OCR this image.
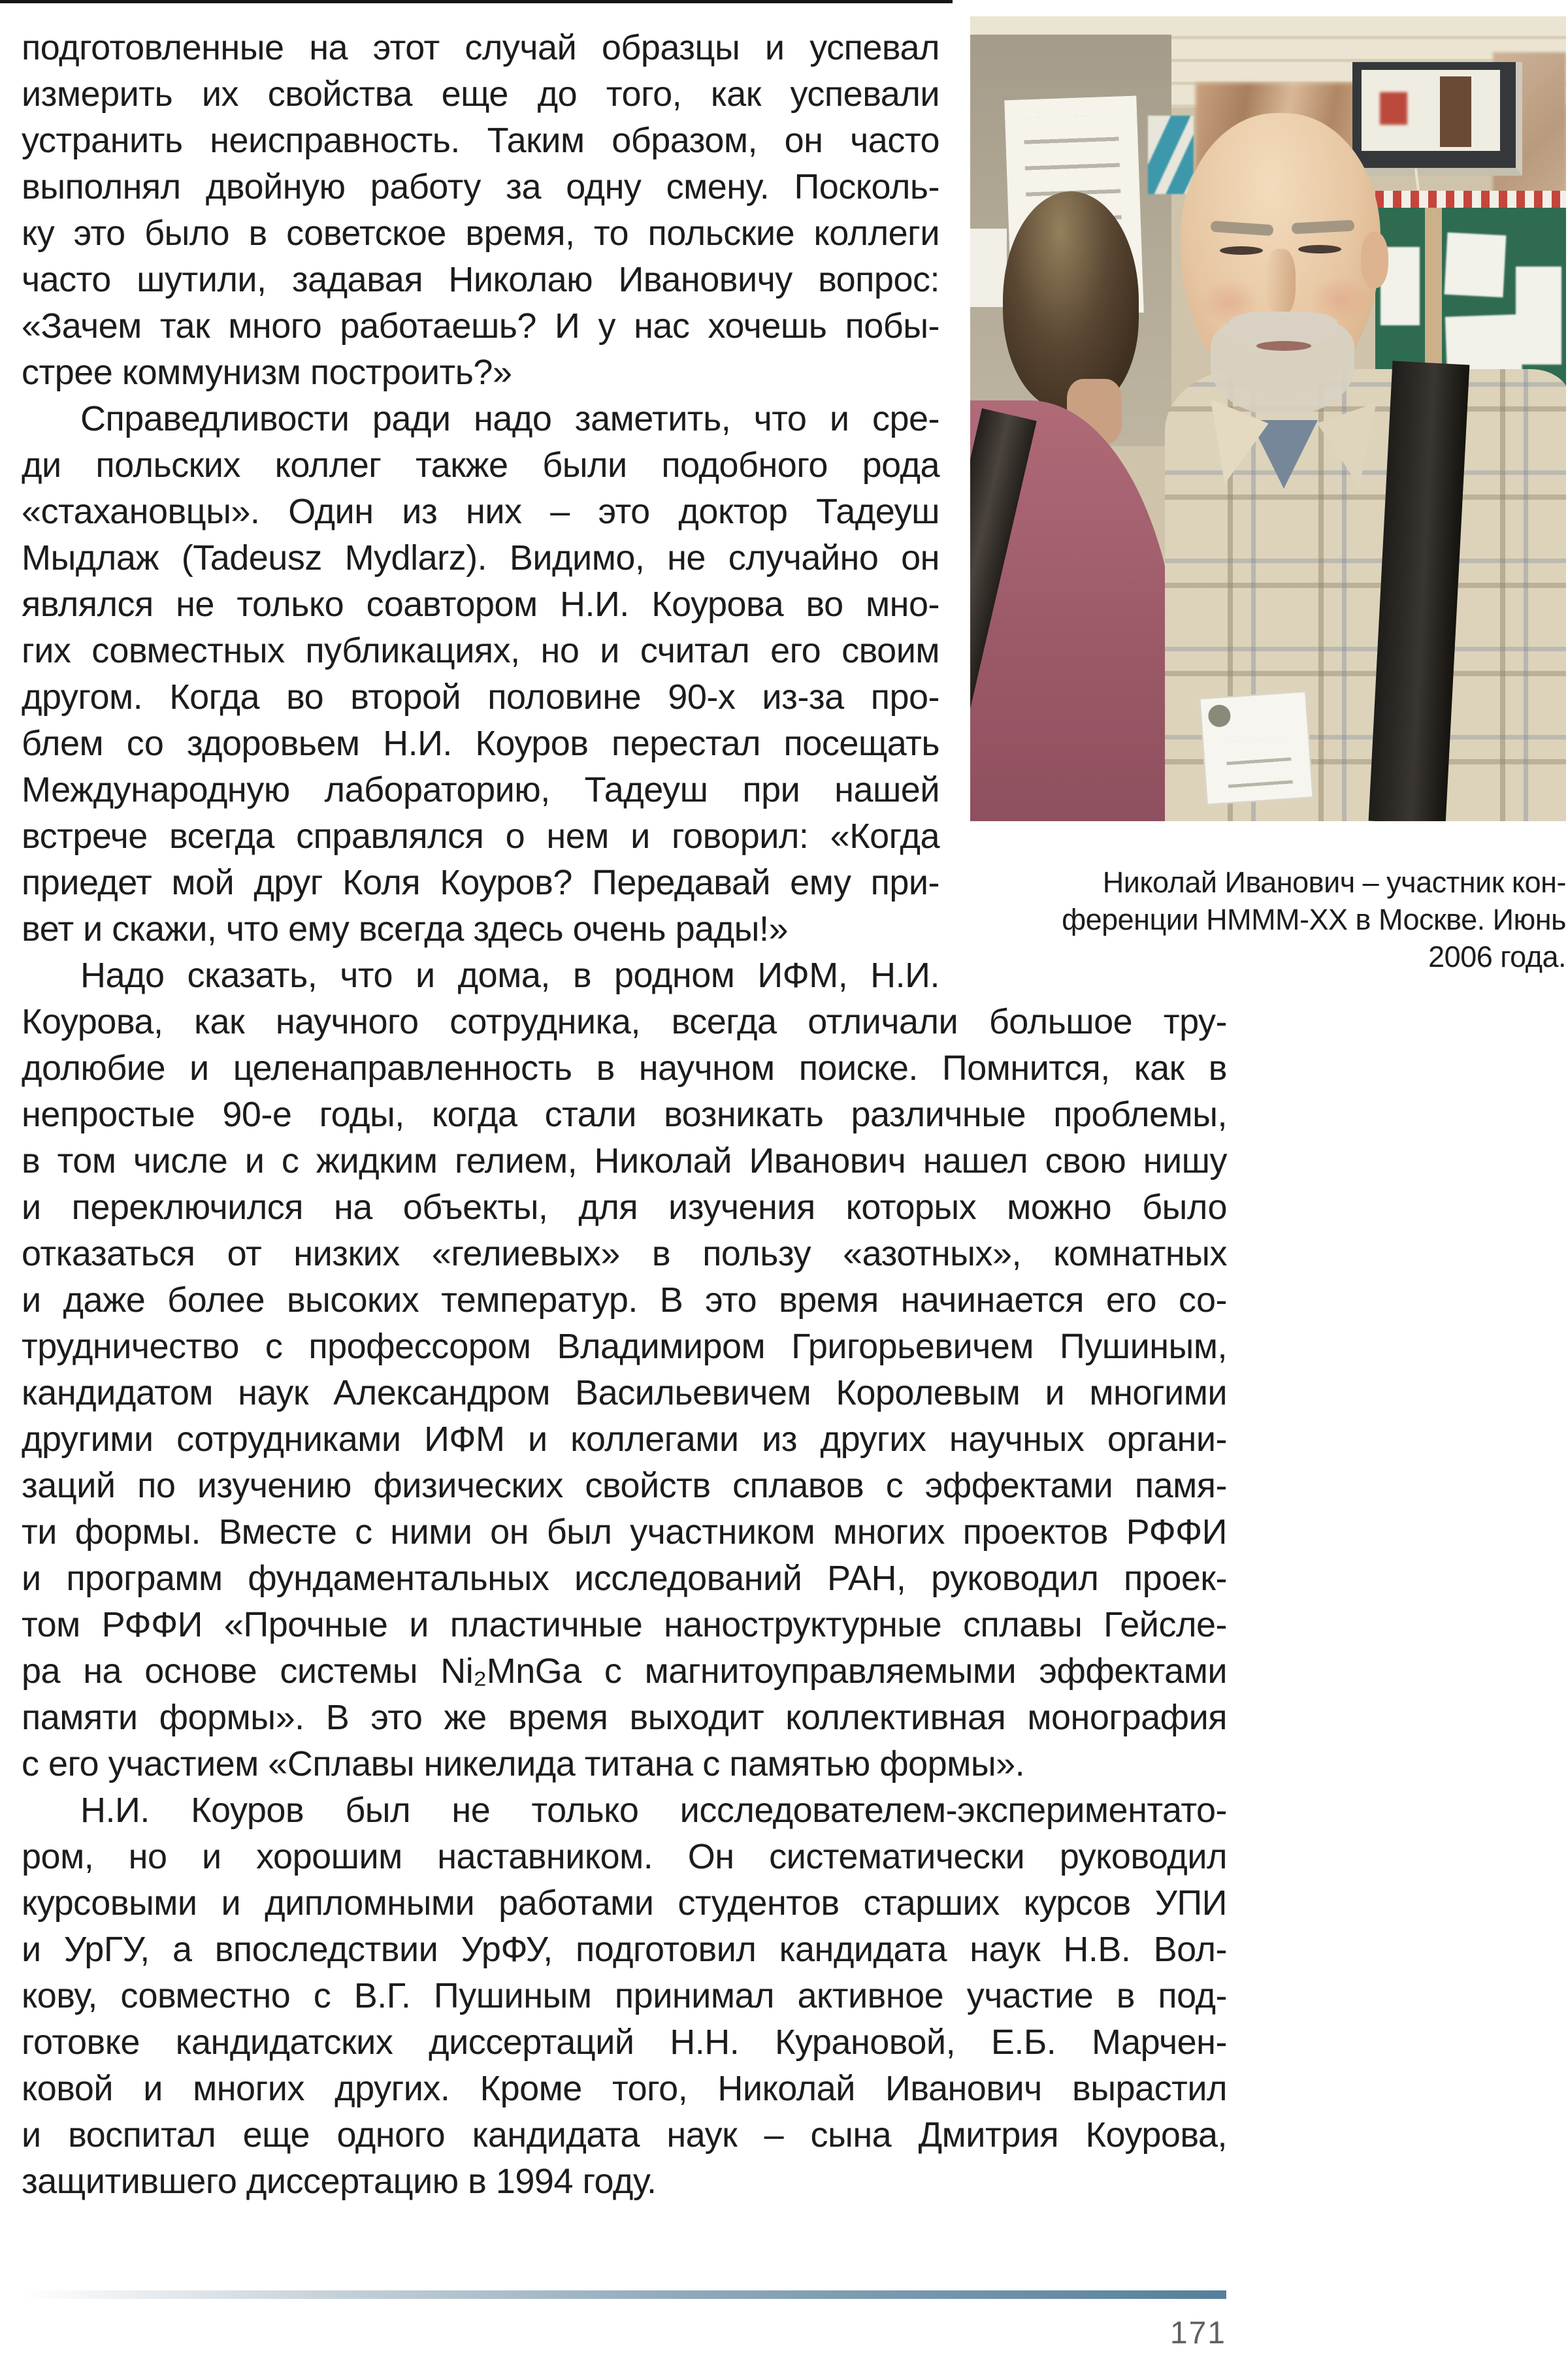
подготовленные на этот случай образцы и успевал
измерить их свойства еще до того, как успевали
устранить неисправность. Таким образом, он часто
выполнял двойную работу за одну смену. Посколь-
ку это было в советское время, то польские коллеги
часто шутили, задавая Николаю Ивановичу вопрос:
«Зачем так много работаешь? И у нас хочешь побы-
стрее коммунизм построить?»
Справедливости ради надо заметить, что и сре-
ди польских коллег также были подобного рода
«стахановцы». Один из них – это доктор Тадеуш
Мыдлаж (Tadeusz Mydlarz). Видимо, не случайно он
являлся не только соавтором Н.И. Коурова во мно-
гих совместных публикациях, но и считал его своим
другом. Когда во второй половине 90-х из-за про-
блем со здоровьем Н.И. Коуров перестал посещать
Международную лабораторию, Тадеуш при нашей
встрече всегда справлялся о нем и говорил: «Когда
приедет мой друг Коля Коуров? Передавай ему при-
вет и скажи, что ему всегда здесь очень рады!»
Надо сказать, что и дома, в родном ИФМ, Н.И.
Коурова, как научного сотрудника, всегда отличали большое тру-
долюбие и целенаправленность в научном поиске. Помнится, как в
непростые 90-е годы, когда стали возникать различные проблемы,
в том числе и с жидким гелием, Николай Иванович нашел свою нишу
и переключился на объекты, для изучения которых можно было
отказаться от низких «гелиевых» в пользу «азотных», комнатных
и даже более высоких температур. В это время начинается его со-
трудничество с профессором Владимиром Григорьевичем Пушиным,
кандидатом наук Александром Васильевичем Королевым и многими
другими сотрудниками ИФМ и коллегами из других научных органи-
заций по изучению физических свойств сплавов с эффектами памя-
ти формы. Вместе с ними он был участником многих проектов РФФИ
и программ фундаментальных исследований РАН, руководил проек-
том РФФИ «Прочные и пластичные наноструктурные сплавы Гейсле-
ра на основе системы Ni₂MnGa с магнитоуправляемыми эффектами
памяти формы». В это же время выходит коллективная монография
с его участием «Сплавы никелида титана с памятью формы».
Н.И. Коуров был не только исследователем-экспериментато-
ром, но и хорошим наставником. Он систематически руководил
курсовыми и дипломными работами студентов старших курсов УПИ
и УрГУ, а впоследствии УрФУ, подготовил кандидата наук Н.В. Вол-
кову, совместно с В.Г. Пушиным принимал активное участие в под-
готовке кандидатских диссертаций Н.Н. Курановой, Е.Б. Марчен-
ковой и многих других. Кроме того, Николай Иванович вырастил
и воспитал еще одного кандидата наук – сына Дмитрия Коурова,
защитившего диссертацию в 1994 году.
Николай Иванович – участник кон-
ференции НМММ-ХХ в Москве. Июнь
2006 года.
171
